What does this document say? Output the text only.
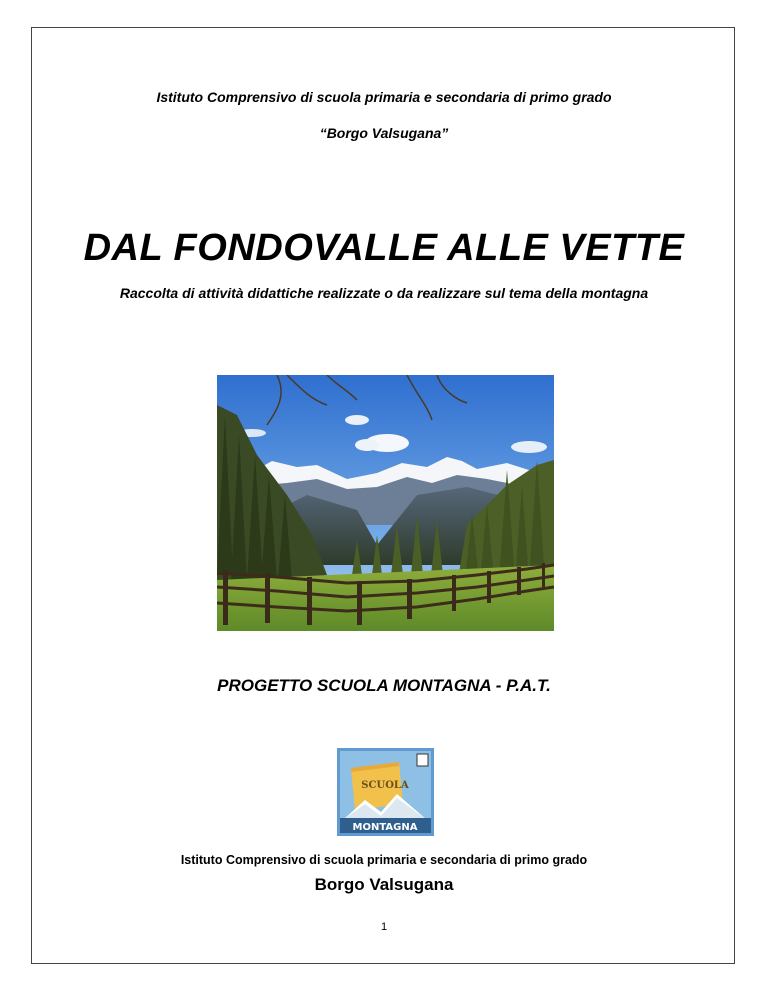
Istituto Comprensivo di scuola primaria e secondaria di primo grado
“Borgo Valsugana”
DAL FONDOVALLE ALLE VETTE
Raccolta di attività didattiche realizzate o da realizzare sul tema della montagna
PROGETTO SCUOLA MONTAGNA - P.A.T.
SCUOLA
MONTAGNA
Istituto Comprensivo di scuola primaria e secondaria di primo grado
Borgo Valsugana
1
